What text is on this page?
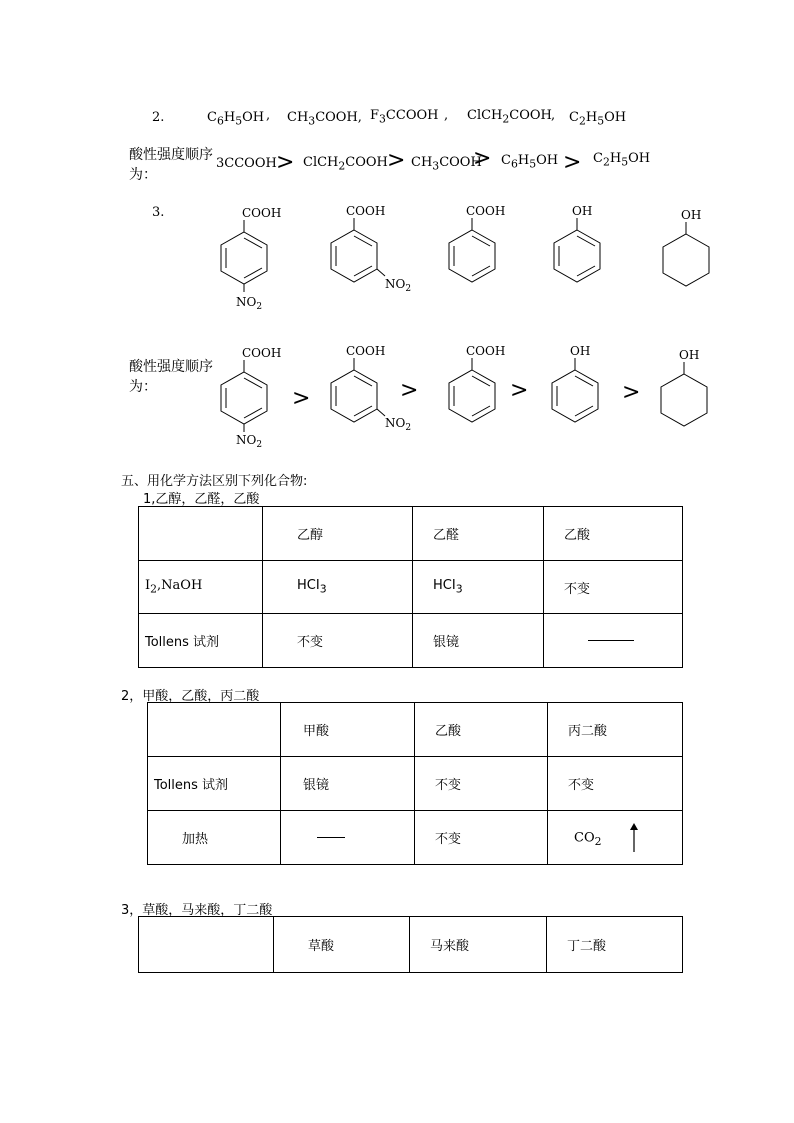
2.	$C_6H_5OH$ , $CH_3COOH$, $F_3CCOOH$ , ClCH$_2$COOH , $C_2H_5OH$
酸性强度顺序为：
3CCOOH > ClCH$_2$COOH > $CH_3COOH$
> $C_6H_5OH > C_2H_5OH$
3.	COOH
$NO_2$
COOH
$NO_2$
COOH	OH	OH
酸性强度顺序为：
COOH
$NO_2$
>
COOH
$NO_2$
>
COOH
>
OH
>
OH
五、用化学方法区别下列化合物:
1,乙醇，乙醛，乙酸
	乙醇	乙醛	乙酸
$I_2,NaOH$	$HCI_3$	$HCI_3$	不变
Tollens 试剂	不变	银镜	
2，甲酸，乙酸，丙二酸
	甲酸	乙酸	丙二酸
Tollens 试剂	银镜	不变	不变
加热		不变	$CO_2$
3，草酸，马来酸，丁二酸
	草酸	马来酸	丁二酸
